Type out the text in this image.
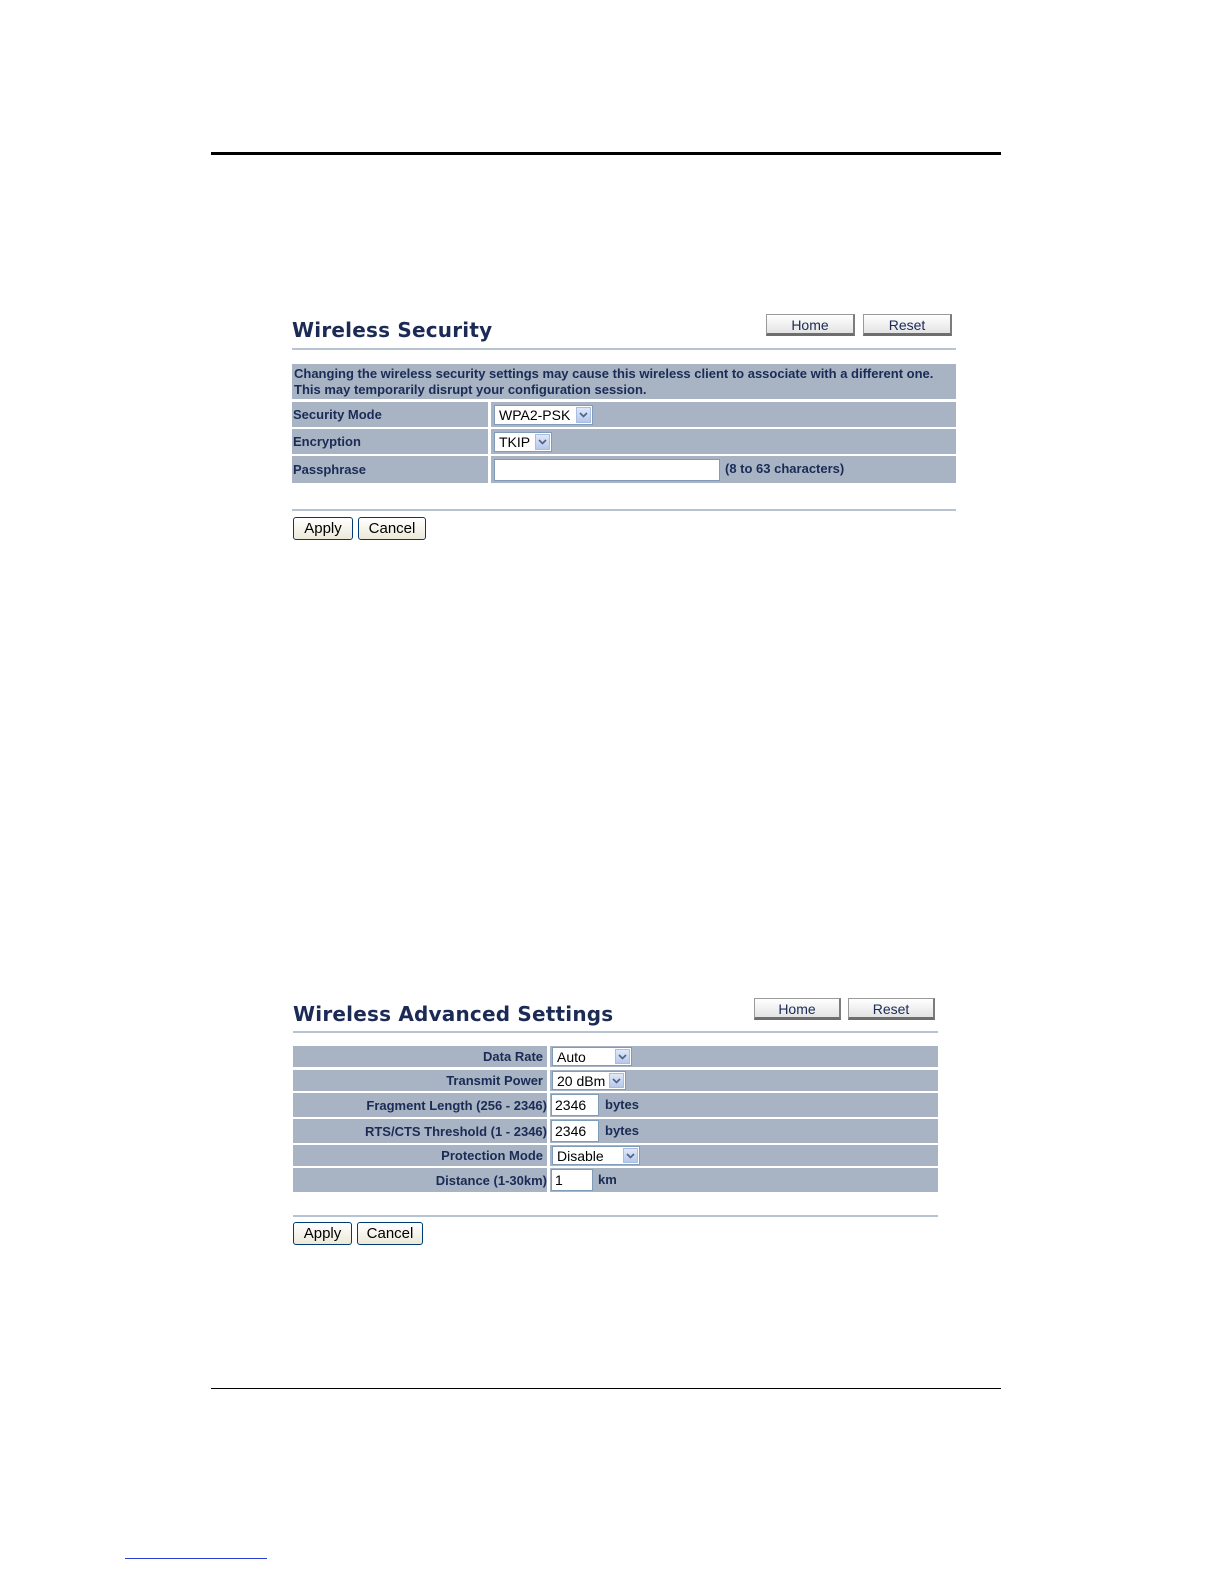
Wireless Security	Home	Reset
Changing the wireless security settings may cause this wireless client to associate with a different one. This may temporarily disrupt your configuration session.
Security Mode	WPA2-PSK
Encryption	TKIP
Passphrase	(8 to 63 characters)
Apply	Cancel
Wireless Advanced Settings	Home	Reset
Data Rate	Auto
Transmit Power	20 dBm
Fragment Length (256 - 2346) 2346	bytes
RTS/CTS Threshold (1 - 2346) 2346	bytes
Protection Mode	Disable
Distance (1-30km) 1	km
Apply	Cancel
